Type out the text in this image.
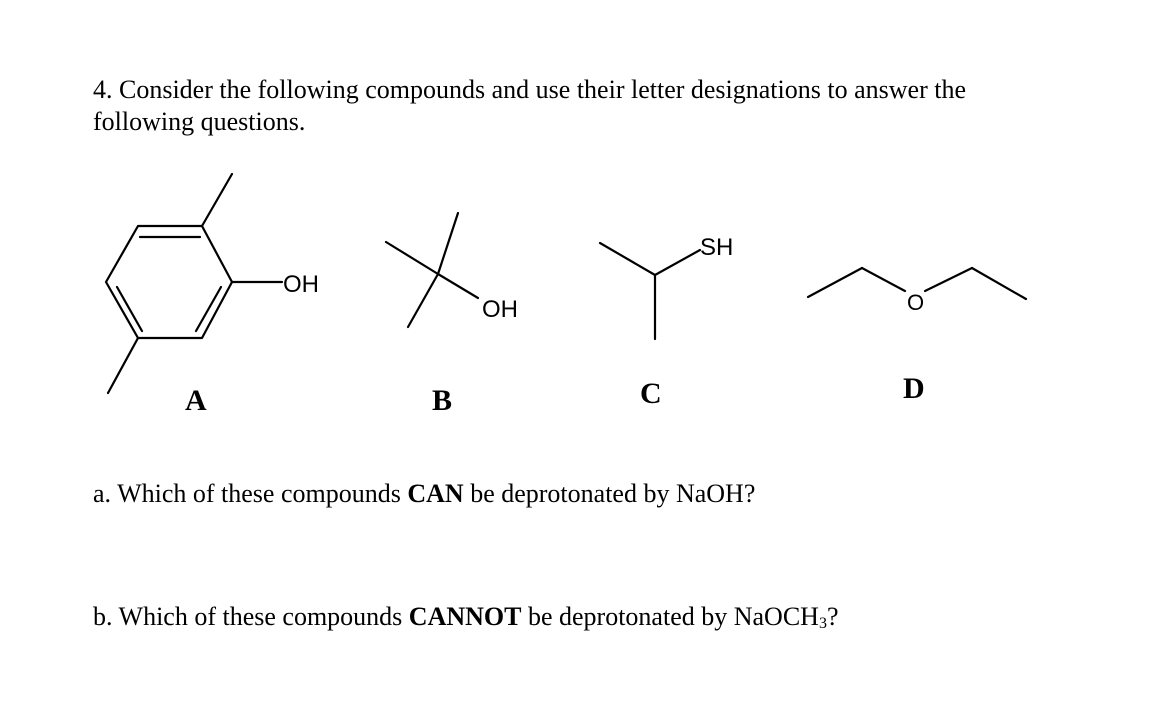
4. Consider the following compounds and use their letter designations to answer the
following questions.
OH
OH
SH
O
A	B	C	D
a. Which of these compounds CAN be deprotonated by NaOH?
b. Which of these compounds CANNOT be deprotonated by NaOCH$_3$?
